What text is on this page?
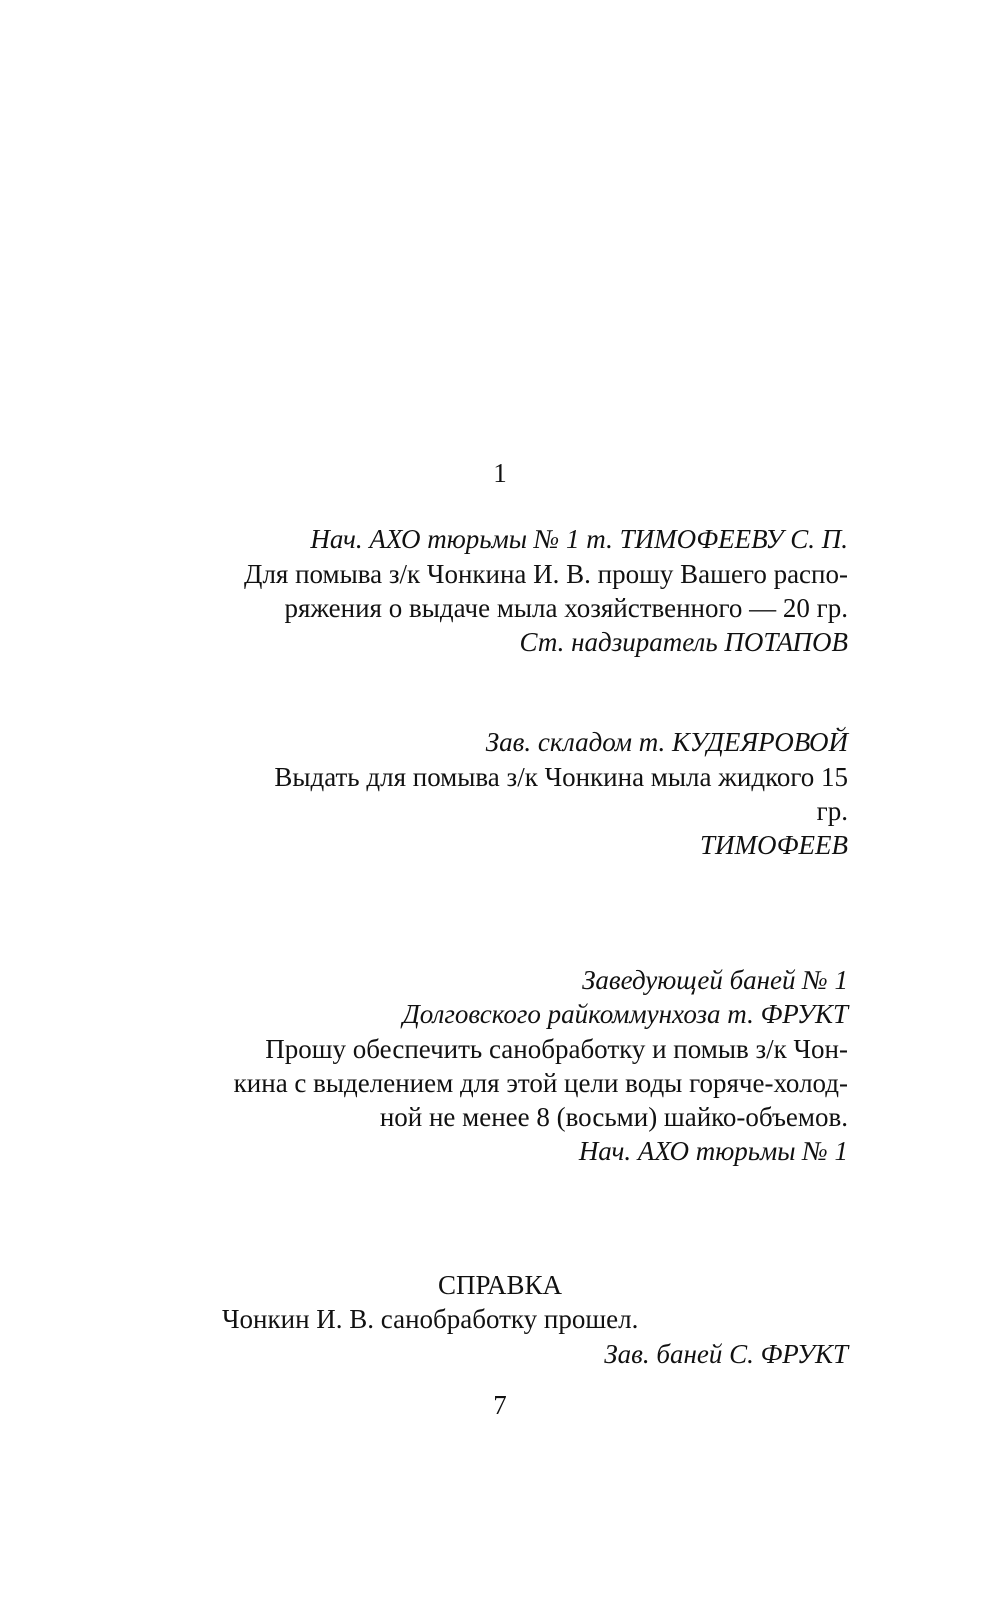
1
Нач. АХО тюрьмы № 1 т. ТИМОФЕЕВУ С. П.
Для помыва з/к Чонкина И. В. прошу Вашего распо-
ряжения о выдаче мыла хозяйственного — 20 гр.
Ст. надзиратель ПОТАПОВ
Зав. складом т. КУДЕЯРОВОЙ
Выдать для помыва з/к Чонкина мыла жидкого 15
гр.
ТИМОФЕЕВ
Заведующей баней № 1
Долговского райкоммунхоза т. ФРУКТ
Прошу обеспечить санобработку и помыв з/к Чон-
кина с выделением для этой цели воды горяче-холод-
ной не менее 8 (восьми) шайко-объемов.
Нач. АХО тюрьмы № 1
СПРАВКА
Чонкин И. В. санобработку прошел.
Зав. баней С. ФРУКТ
7
